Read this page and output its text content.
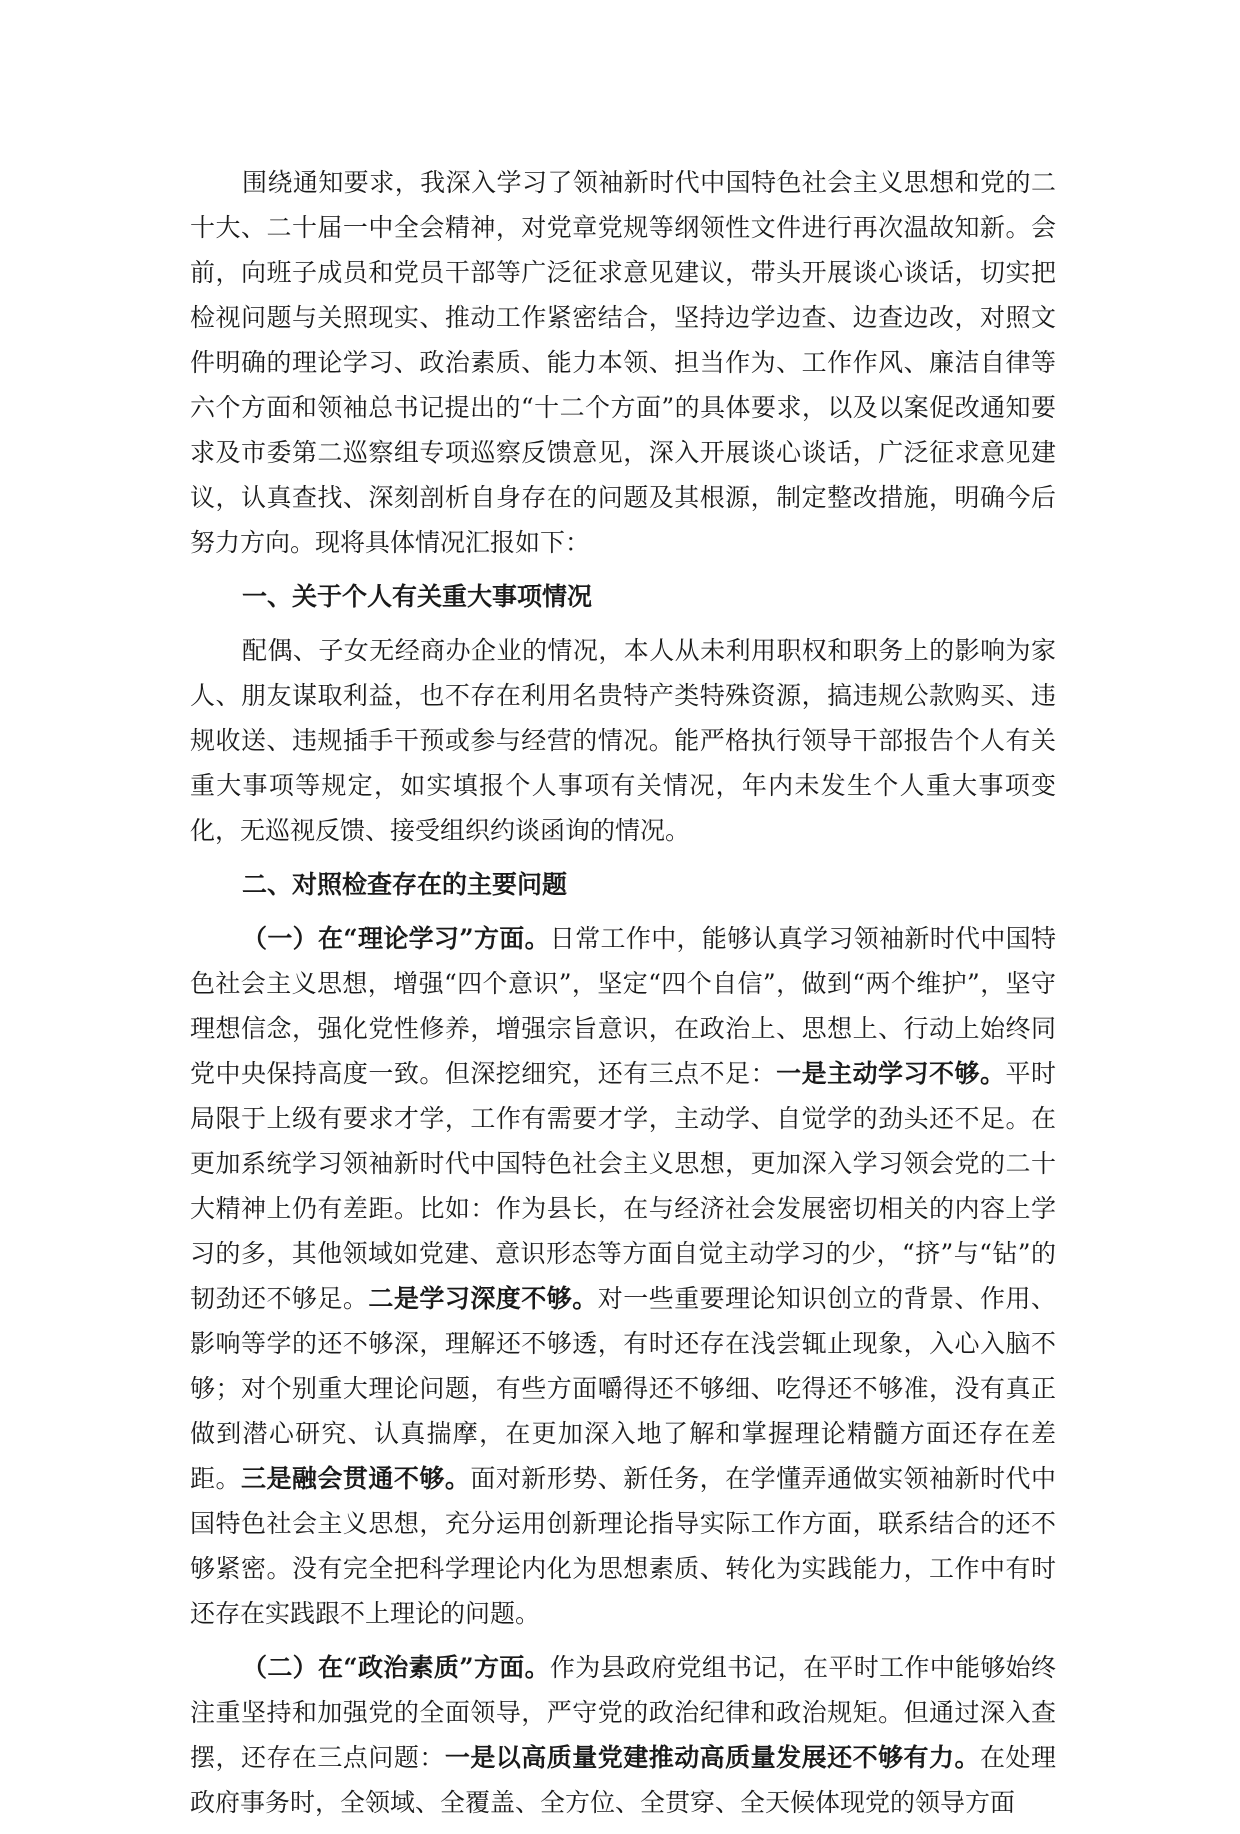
围绕通知要求，我深入学习了领袖新时代中国特色社会主义思想和党的二十大、二十届一中全会精神，对党章党规等纲领性文件进行再次温故知新。会前，向班子成员和党员干部等广泛征求意见建议，带头开展谈心谈话，切实把检视问题与关照现实、推动工作紧密结合，坚持边学边查、边查边改，对照文件明确的理论学习、政治素质、能力本领、担当作为、工作作风、廉洁自律等六个方面和领袖总书记提出的“十二个方面”的具体要求，以及以案促改通知要求及市委第二巡察组专项巡察反馈意见，深入开展谈心谈话，广泛征求意见建议，认真查找、深刻剖析自身存在的问题及其根源，制定整改措施，明确今后努力方向。现将具体情况汇报如下：

一、关于个人有关重大事项情况

配偶、子女无经商办企业的情况，本人从未利用职权和职务上的影响为家人、朋友谋取利益，也不存在利用名贵特产类特殊资源，搞违规公款购买、违规收送、违规插手干预或参与经营的情况。能严格执行领导干部报告个人有关重大事项等规定，如实填报个人事项有关情况，年内未发生个人重大事项变化，无巡视反馈、接受组织约谈函询的情况。

二、对照检查存在的主要问题

（一）在“理论学习”方面。日常工作中，能够认真学习领袖新时代中国特色社会主义思想，增强“四个意识”，坚定“四个自信”，做到“两个维护”，坚守理想信念，强化党性修养，增强宗旨意识，在政治上、思想上、行动上始终同党中央保持高度一致。但深挖细究，还有三点不足：一是主动学习不够。平时局限于上级有要求才学，工作有需要才学，主动学、自觉学的劲头还不足。在更加系统学习领袖新时代中国特色社会主义思想，更加深入学习领会党的二十大精神上仍有差距。比如：作为县长，在与经济社会发展密切相关的内容上学习的多，其他领域如党建、意识形态等方面自觉主动学习的少，“挤”与“钻”的韧劲还不够足。二是学习深度不够。对一些重要理论知识创立的背景、作用、影响等学的还不够深，理解还不够透，有时还存在浅尝辄止现象，入心入脑不够；对个别重大理论问题，有些方面嚼得还不够细、吃得还不够准，没有真正做到潜心研究、认真揣摩，在更加深入地了解和掌握理论精髓方面还存在差距。三是融会贯通不够。面对新形势、新任务，在学懂弄通做实领袖新时代中国特色社会主义思想，充分运用创新理论指导实际工作方面，联系结合的还不够紧密。没有完全把科学理论内化为思想素质、转化为实践能力，工作中有时还存在实践跟不上理论的问题。

（二）在“政治素质”方面。作为县政府党组书记，在平时工作中能够始终注重坚持和加强党的全面领导，严守党的政治纪律和政治规矩。但通过深入查摆，还存在三点问题：一是以高质量党建推动高质量发展还不够有力。在处理政府事务时，全领域、全覆盖、全方位、全贯穿、全天候体现党的领导方面
